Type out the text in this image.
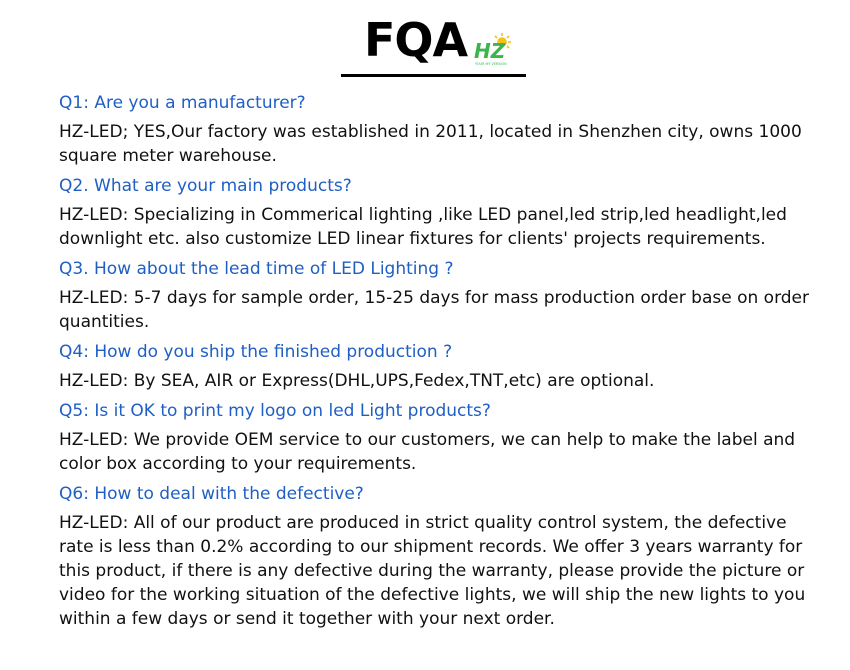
FQA HZ
YOUR MY VERSION
Q1: Are you a manufacturer?
HZ-LED; YES,Our factory was established in 2011, located in Shenzhen city, owns 1000 square meter warehouse.
Q2. What are your main products?
HZ-LED: Specializing in Commerical lighting ,like LED panel,led strip,led headlight,led downlight etc. also customize LED linear fixtures for clients' projects requirements.
Q3. How about the lead time of LED Lighting ?
HZ-LED: 5-7 days for sample order, 15-25 days for mass production order base on order quantities.
Q4: How do you ship the finished production ?
HZ-LED: By SEA, AIR or Express(DHL,UPS,Fedex,TNT,etc) are optional.
Q5: Is it OK to print my logo on led Light products?
HZ-LED: We provide OEM service to our customers, we can help to make the label and color box according to your requirements.
Q6: How to deal with the defective?
HZ-LED: All of our product are produced in strict quality control system, the defective rate is less than 0.2% according to our shipment records. We offer 3 years warranty for this product, if there is any defective during the warranty, please provide the picture or video for the working situation of the defective lights, we will ship the new lights to you within a few days or send it together with your next order.
